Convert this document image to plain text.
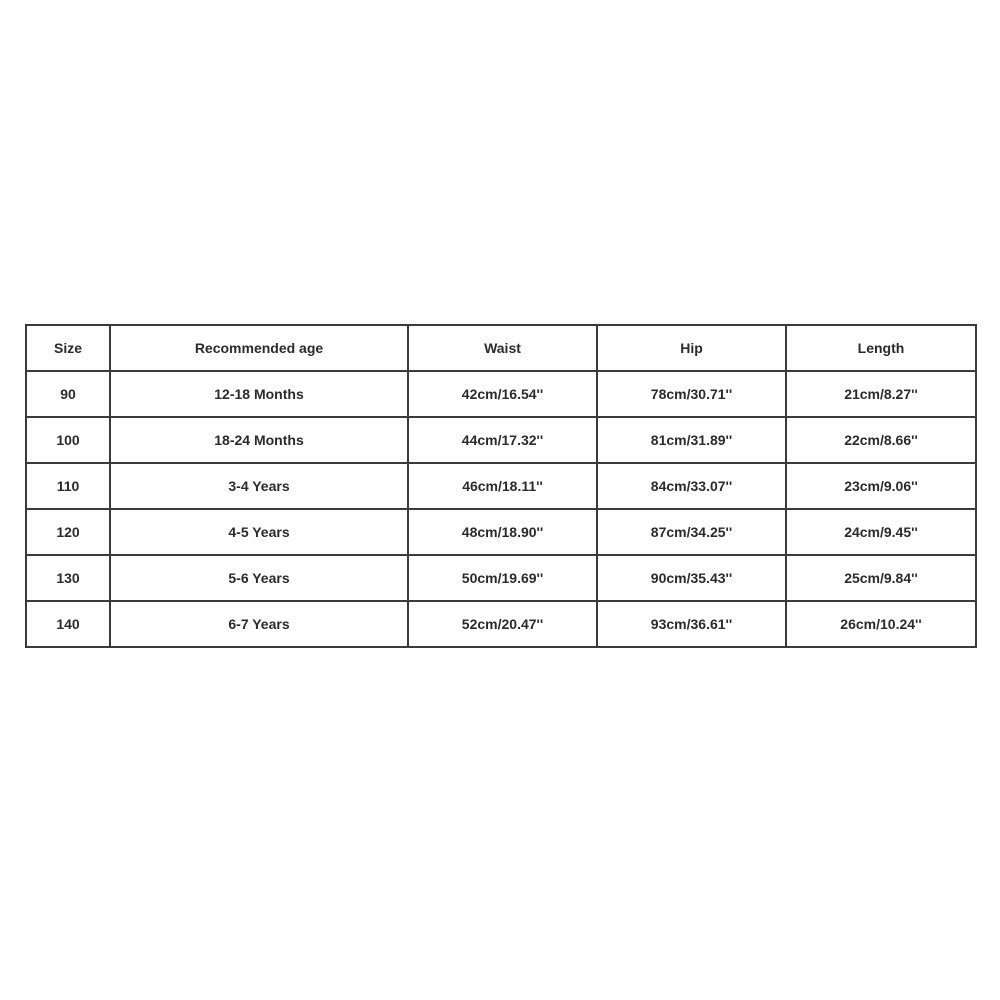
Size	Recommended age	Waist	Hip	Length
90	12-18 Months	42cm/16.54''	78cm/30.71''	21cm/8.27''
100	18-24 Months	44cm/17.32''	81cm/31.89''	22cm/8.66''
110	3-4 Years	46cm/18.11''	84cm/33.07''	23cm/9.06''
120	4-5 Years	48cm/18.90''	87cm/34.25''	24cm/9.45''
130	5-6 Years	50cm/19.69''	90cm/35.43''	25cm/9.84''
140	6-7 Years	52cm/20.47''	93cm/36.61''	26cm/10.24''
